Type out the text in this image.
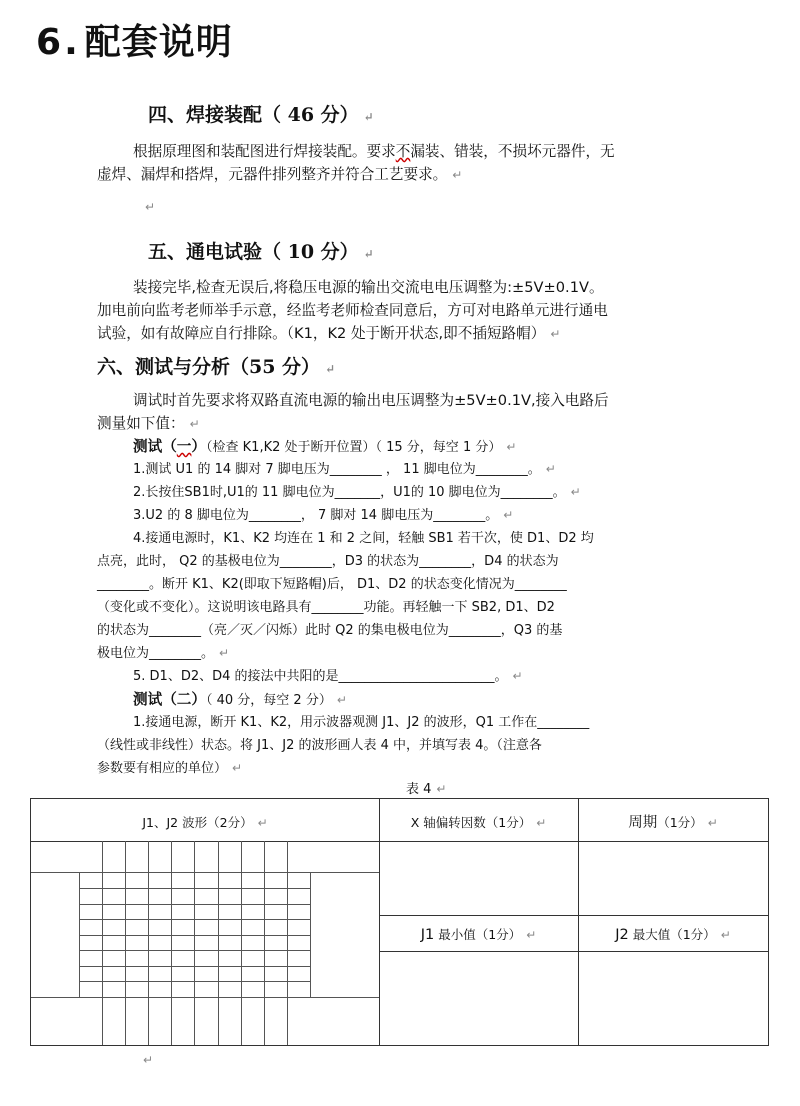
6. 配套说明
四、焊接装配（ 46 分） ↵
根据原理图和装配图进行焊接装配。要求不漏装、错装，不损坏元器件，无
虚焊、漏焊和搭焊，元器件排列整齐并符合工艺要求。 ↵
↵
五、通电试验（ 10 分） ↵
装接完毕,检查无误后,将稳压电源的输出交流电电压调整为:±5V±0.1V。
加电前向监考老师举手示意，经监考老师检查同意后，方可对电路单元进行通电
试验，如有故障应自行排除。（K1，K2 处于断开状态,即不插短路帽） ↵
六、测试与分析（55 分） ↵
调试时首先要求将双路直流电源的输出电压调整为±5V±0.1V,接入电路后
测量如下值： ↵
测试（一）（检查 K1,K2 处于断开位置）（ 15 分，每空 1 分） ↵
1.测试 U1 的 14 脚对 7 脚电压为________ ， 11 脚电位为________。 ↵
2.长按住SB1时,U1的 11 脚电位为_______，U1的 10 脚电位为________。 ↵
3.U2 的 8 脚电位为________， 7 脚对 14 脚电压为________。 ↵
4.接通电源时，K1、K2 均连在 1 和 2 之间，轻触 SB1 若干次，使 D1、D2 均
点亮，此时， Q2 的基极电位为________，D3 的状态为________，D4 的状态为
________。断开 K1、K2(即取下短路帽)后， D1、D2 的状态变化情况为________
（变化或不变化）。这说明该电路具有________功能。再轻触一下 SB2, D1、D2
的状态为________（亮／灭／闪烁）此时 Q2 的集电极电位为________，Q3 的基
极电位为________。 ↵
5. D1、D2、D4 的接法中共阳的是________________________。 ↵
测试（二）（ 40 分，每空 2 分） ↵
1.接通电源，断开 K1、K2，用示波器观测 J1、J2 的波形，Q1 工作在________
（线性或非线性）状态。将 J1、J2 的波形画人表 4 中，并填写表 4。（注意各
参数要有相应的单位） ↵
表 4 ↵
J1、J2 波形（2分） ↵	X 轴偏转因数（1分） ↵	周期（1分） ↵
J1 最小值（1分） ↵	J2 最大值（1分） ↵
↵
